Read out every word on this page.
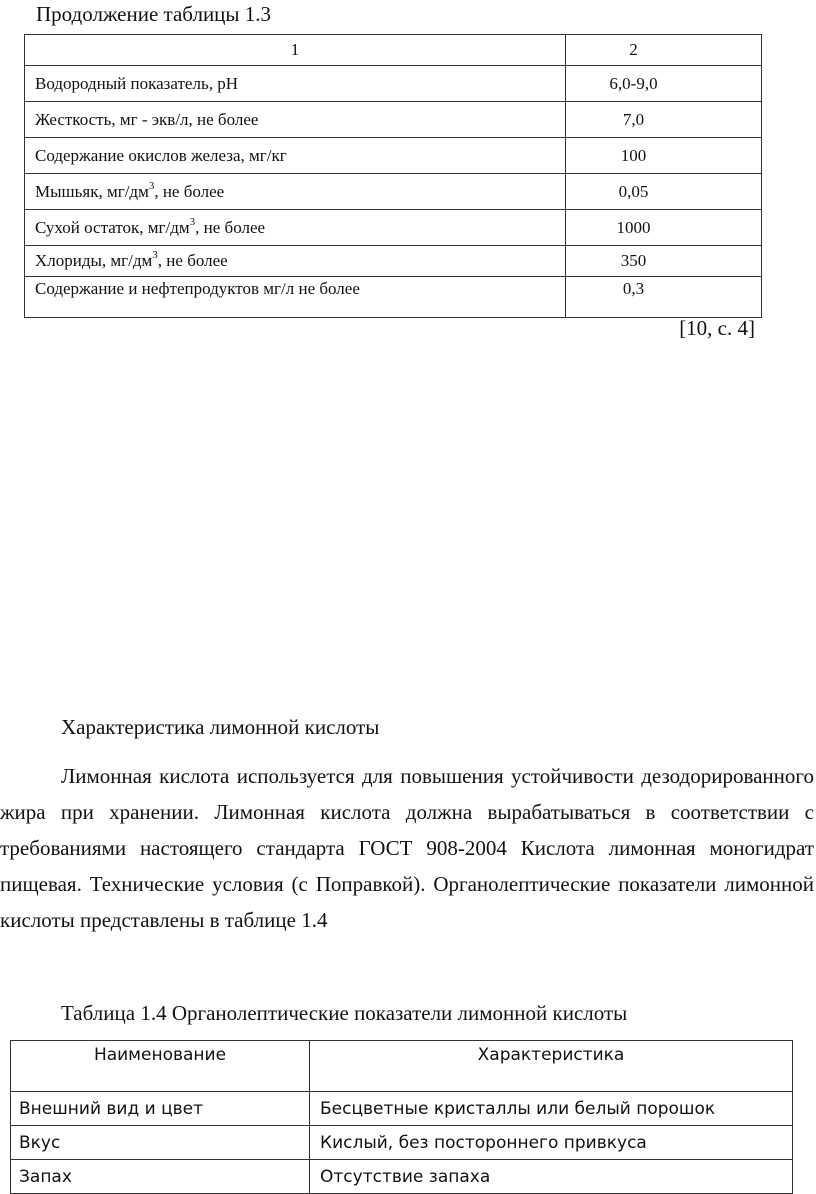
Продолжение таблицы 1.3
1	2
Водородный показатель, pH	6,0-9,0
Жесткость, мг - экв/л, не более	7,0
Содержание окислов железа, мг/кг	100
Мышьяк, $мг/дм^3$, не более	0,05
Сухой остаток, $мг/дм^3$, не более	1000
Хлориды, $мг/дм^3$, не более	350
Содержание и нефтепродуктов мг/л не более	0,3
[10, с. 4]
Характеристика лимонной кислоты
Лимонная кислота используется для повышения устойчивости дезодорированного жира при хранении. Лимонная кислота должна вырабатываться в соответствии с требованиями настоящего стандарта ГОСТ 908-2004 Кислота лимонная моногидрат пищевая. Технические условия (с Поправкой). Органолептические показатели лимонной кислоты представлены в таблице 1.4
Таблица 1.4 Органолептические показатели лимонной кислоты
Наименование	Характеристика
Внешний вид и цвет	Бесцветные кристаллы или белый порошок
Вкус	Кислый, без постороннего привкуса
Запах	Отсутствие запаха
